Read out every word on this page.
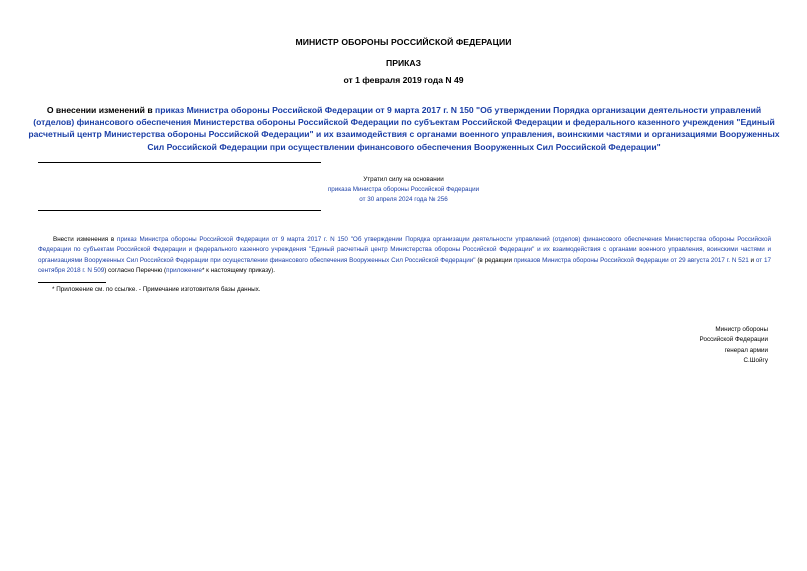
МИНИСТР ОБОРОНЫ РОССИЙСКОЙ ФЕДЕРАЦИИ
ПРИКАЗ
от 1 февраля 2019 года N 49
О внесении изменений в приказ Министра обороны Российской Федерации от 9 марта 2017 г. N 150 "Об утверждении Порядка организации деятельности управлений (отделов) финансового обеспечения Министерства обороны Российской Федерации по субъектам Российской Федерации и федерального казенного учреждения "Единый расчетный центр Министерства обороны Российской Федерации" и их взаимодействия с органами военного управления, воинскими частями и организациями Вооруженных Сил Российской Федерации при осуществлении финансового обеспечения Вооруженных Сил Российской Федерации"
Утратил силу на основании
приказа Министра обороны Российской Федерации
от 30 апреля 2024 года № 256
Внести изменения в приказ Министра обороны Российской Федерации от 9 марта 2017 г. N 150 "Об утверждении Порядка организации деятельности управлений (отделов) финансового обеспечения Министерства обороны Российской Федерации по субъектам Российской Федерации и федерального казенного учреждения "Единый расчетный центр Министерства обороны Российской Федерации" и их взаимодействия с органами военного управления, воинскими частями и организациями Вооруженных Сил Российской Федерации при осуществлении финансового обеспечения Вооруженных Сил Российской Федерации" (в редакции приказов Министра обороны Российской Федерации от 29 августа 2017 г. N 521 и от 17 сентября 2018 г. N 509) согласно Перечню (приложение* к настоящему приказу).
* Приложение см. по ссылке. - Примечание изготовителя базы данных.
Министр обороны
Российской Федерации
генерал армии
С.Шойгу
